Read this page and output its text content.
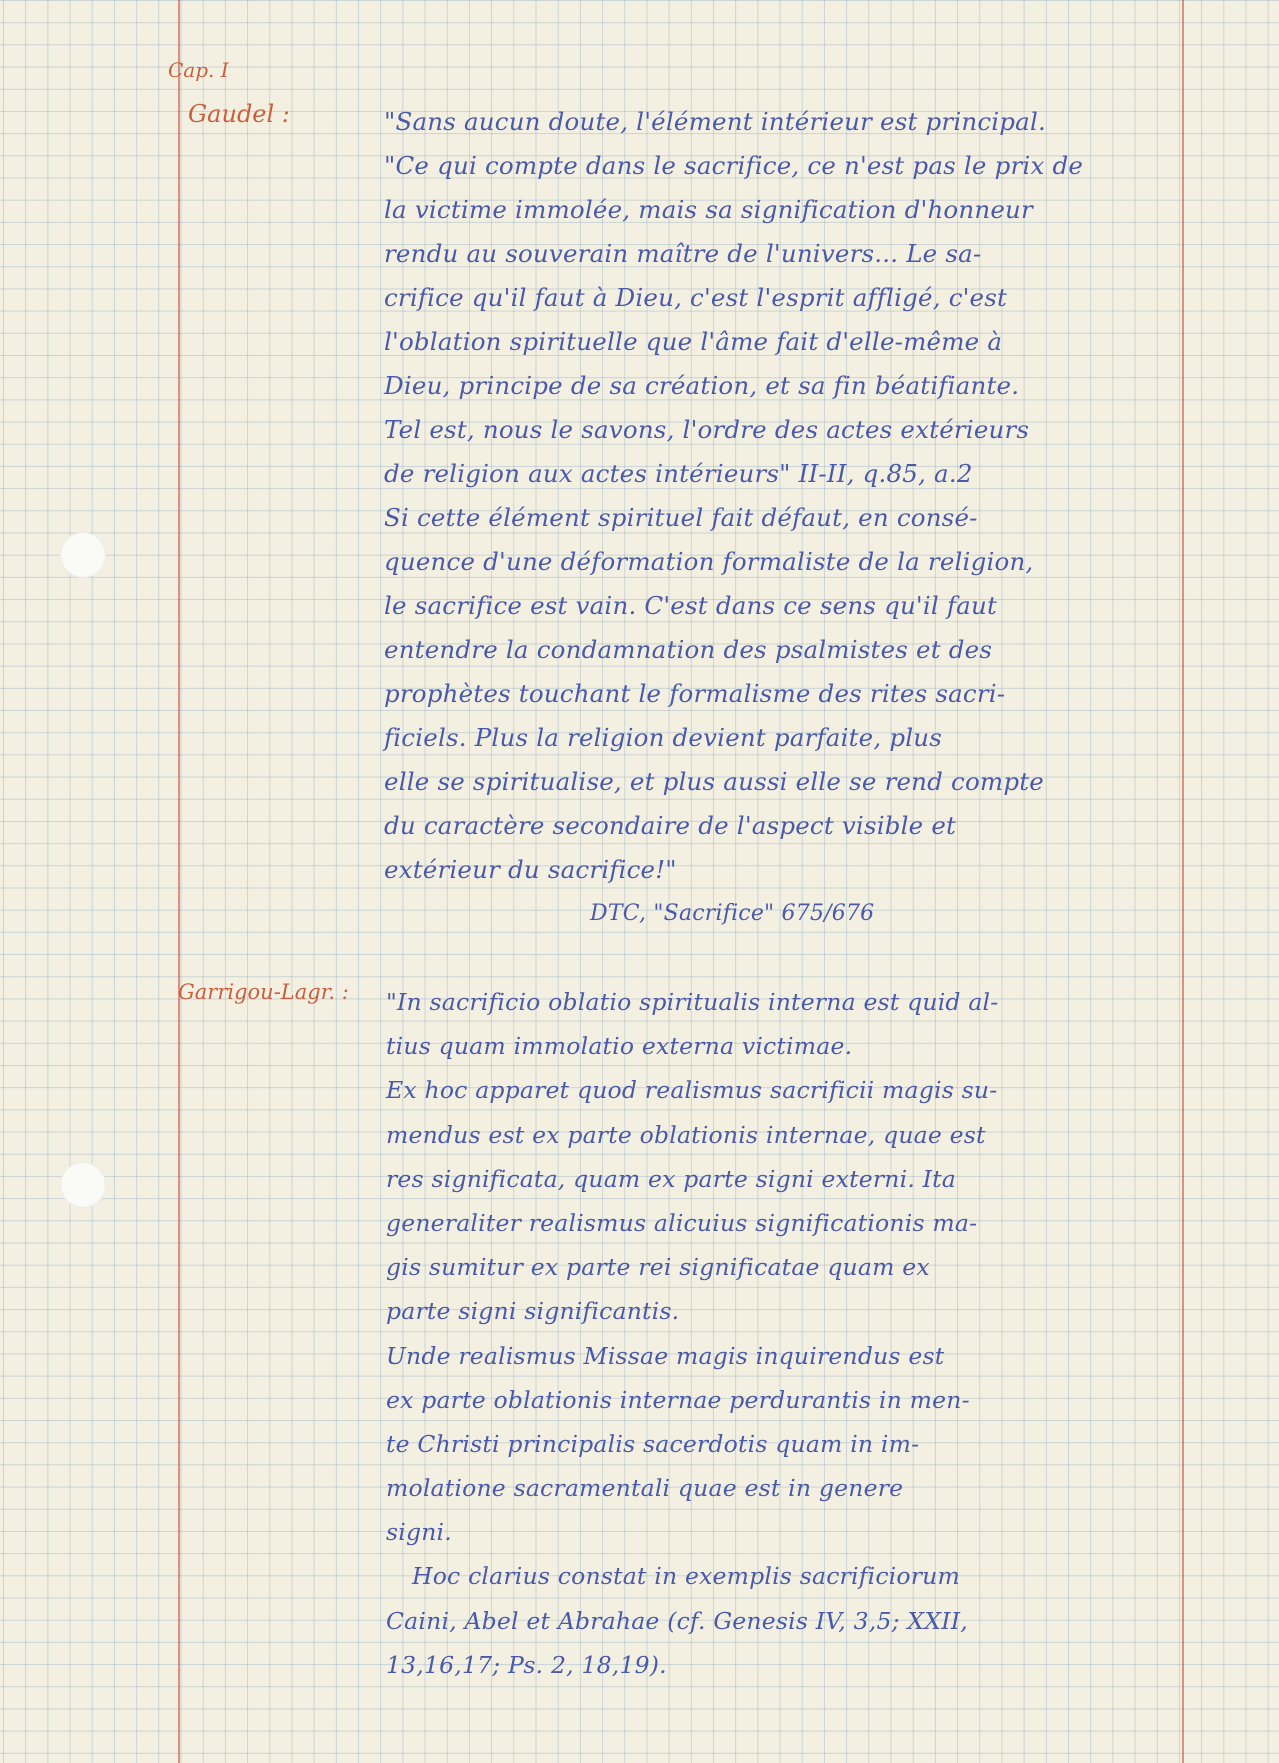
Cap. I
Gaudel :	"Sans aucun doute, l'élément intérieur est principal.
"Ce qui compte dans le sacrifice, ce n'est pas le prix de
la victime immolée, mais sa signification d'honneur
rendu au souverain maître de l'univers... Le sa-
crifice qu'il faut à Dieu, c'est l'esprit affligé, c'est
l'oblation spirituelle que l'âme fait d'elle-même à
Dieu, principe de sa création, et sa fin béatifiante.
Tel est, nous le savons, l'ordre des actes extérieurs
de religion aux actes intérieurs" II-II, q.85, a.2
Si cette élément spirituel fait défaut, en consé-
quence d'une déformation formaliste de la religion,
le sacrifice est vain. C'est dans ce sens qu'il faut
entendre la condamnation des psalmistes et des
prophètes touchant le formalisme des rites sacri-
ficiels. Plus la religion devient parfaite, plus
elle se spiritualise, et plus aussi elle se rend compte
du caractère secondaire de l'aspect visible et
extérieur du sacrifice!"
DTC, "Sacrifice" 675/676
Garrigou-Lagr. : "In sacrificio oblatio spiritualis interna est quid al-
tius quam immolatio externa victimae.
Ex hoc apparet quod realismus sacrificii magis su-
mendus est ex parte oblationis internae, quae est
res significata, quam ex parte signi externi. Ita
generaliter realismus alicuius significationis ma-
gis sumitur ex parte rei significatae quam ex
parte signi significantis.
Unde realismus Missae magis inquirendus est
ex parte oblationis internae perdurantis in men-
te Christi principalis sacerdotis quam in im-
molatione sacramentali quae est in genere
signi.
Hoc clarius constat in exemplis sacrificiorum
Caini, Abel et Abrahae (cf. Genesis IV, 3,5; XXII,
13,16,17; Ps. 2, 18,19).
